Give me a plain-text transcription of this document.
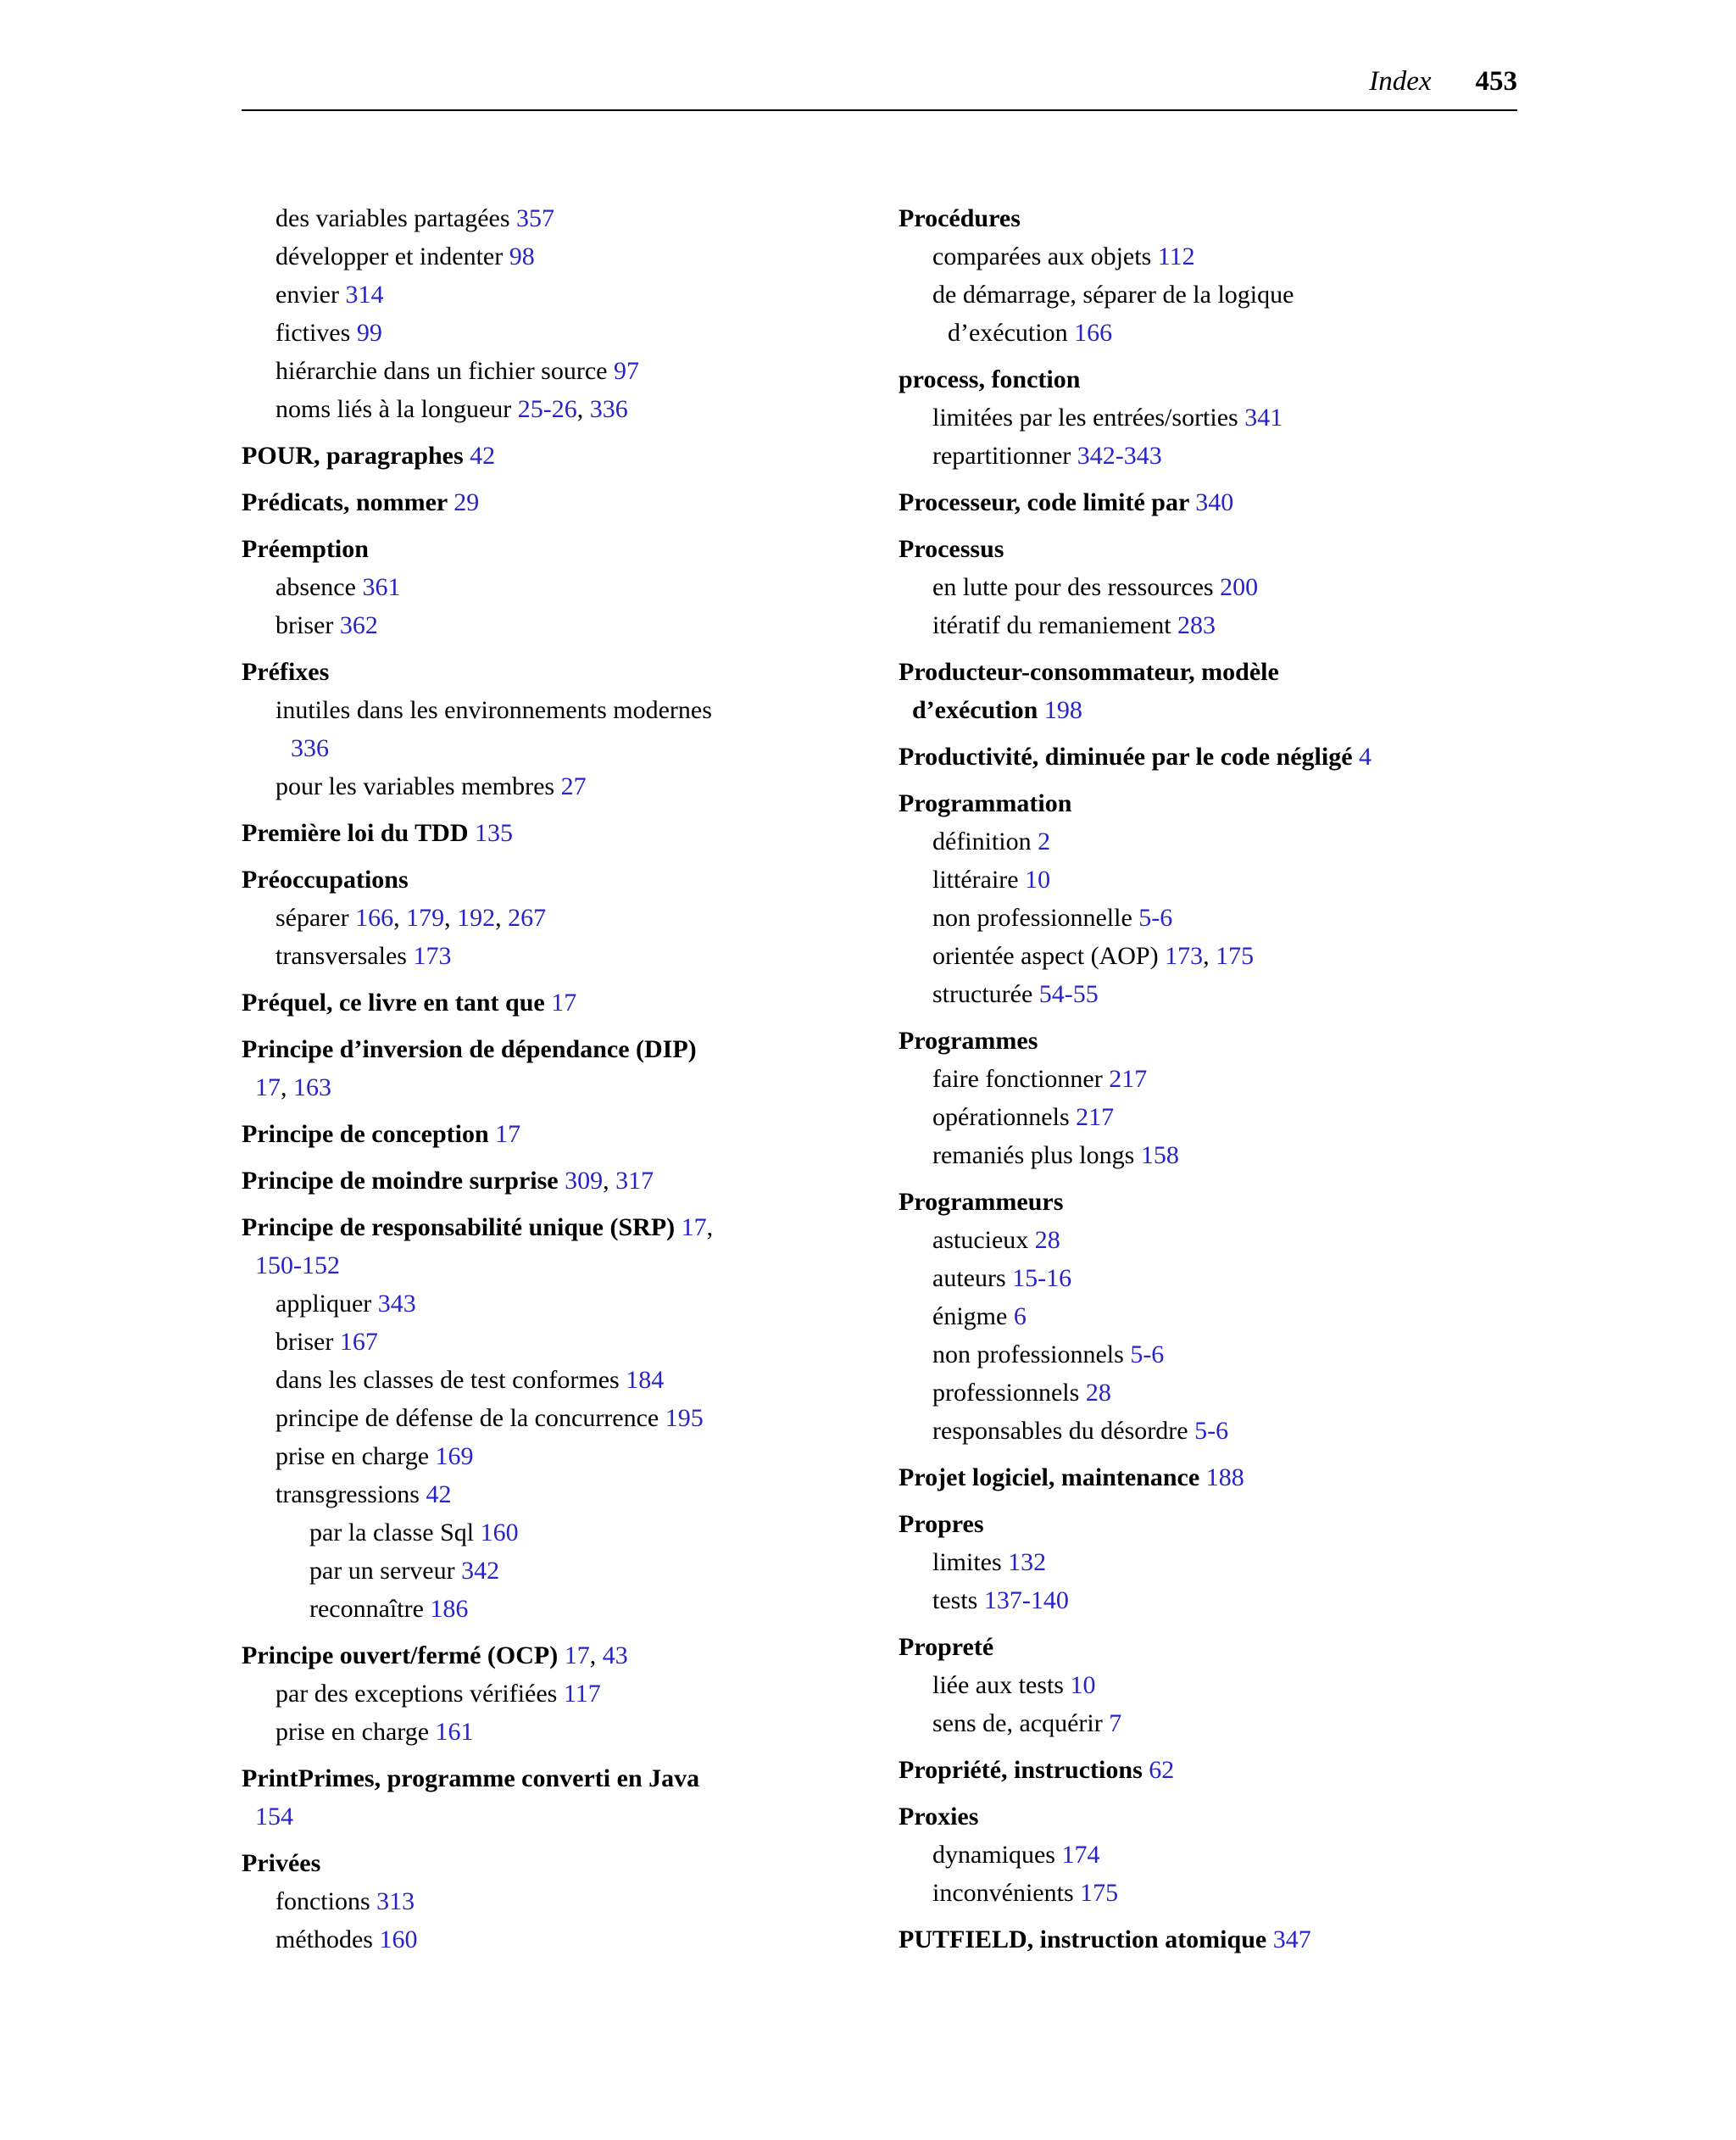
Index 453
des variables partagées 357
développer et indenter 98
envier 314
fictives 99
hiérarchie dans un fichier source 97
noms liés à la longueur 25-26, 336
POUR, paragraphes 42
Prédicats, nommer 29
Préemption
absence 361
briser 362
Préfixes
inutiles dans les environnements modernes
336
pour les variables membres 27
Première loi du TDD 135
Préoccupations
séparer 166, 179, 192, 267
transversales 173
Préquel, ce livre en tant que 17
Principe d’inversion de dépendance (DIP)
17, 163
Principe de conception 17
Principe de moindre surprise 309, 317
Principe de responsabilité unique (SRP) 17,
150-152
appliquer 343
briser 167
dans les classes de test conformes 184
principe de défense de la concurrence 195
prise en charge 169
transgressions 42
par la classe Sql 160
par un serveur 342
reconnaître 186
Principe ouvert/fermé (OCP) 17, 43
par des exceptions vérifiées 117
prise en charge 161
PrintPrimes, programme converti en Java
154
Privées
fonctions 313
méthodes 160
Procédures
comparées aux objets 112
de démarrage, séparer de la logique
d’exécution 166
process, fonction
limitées par les entrées/sorties 341
repartitionner 342-343
Processeur, code limité par 340
Processus
en lutte pour des ressources 200
itératif du remaniement 283
Producteur-consommateur, modèle
d’exécution 198
Productivité, diminuée par le code négligé 4
Programmation
définition 2
littéraire 10
non professionnelle 5-6
orientée aspect (AOP) 173, 175
structurée 54-55
Programmes
faire fonctionner 217
opérationnels 217
remaniés plus longs 158
Programmeurs
astucieux 28
auteurs 15-16
énigme 6
non professionnels 5-6
professionnels 28
responsables du désordre 5-6
Projet logiciel, maintenance 188
Propres
limites 132
tests 137-140
Propreté
liée aux tests 10
sens de, acquérir 7
Propriété, instructions 62
Proxies
dynamiques 174
inconvénients 175
PUTFIELD, instruction atomique 347
